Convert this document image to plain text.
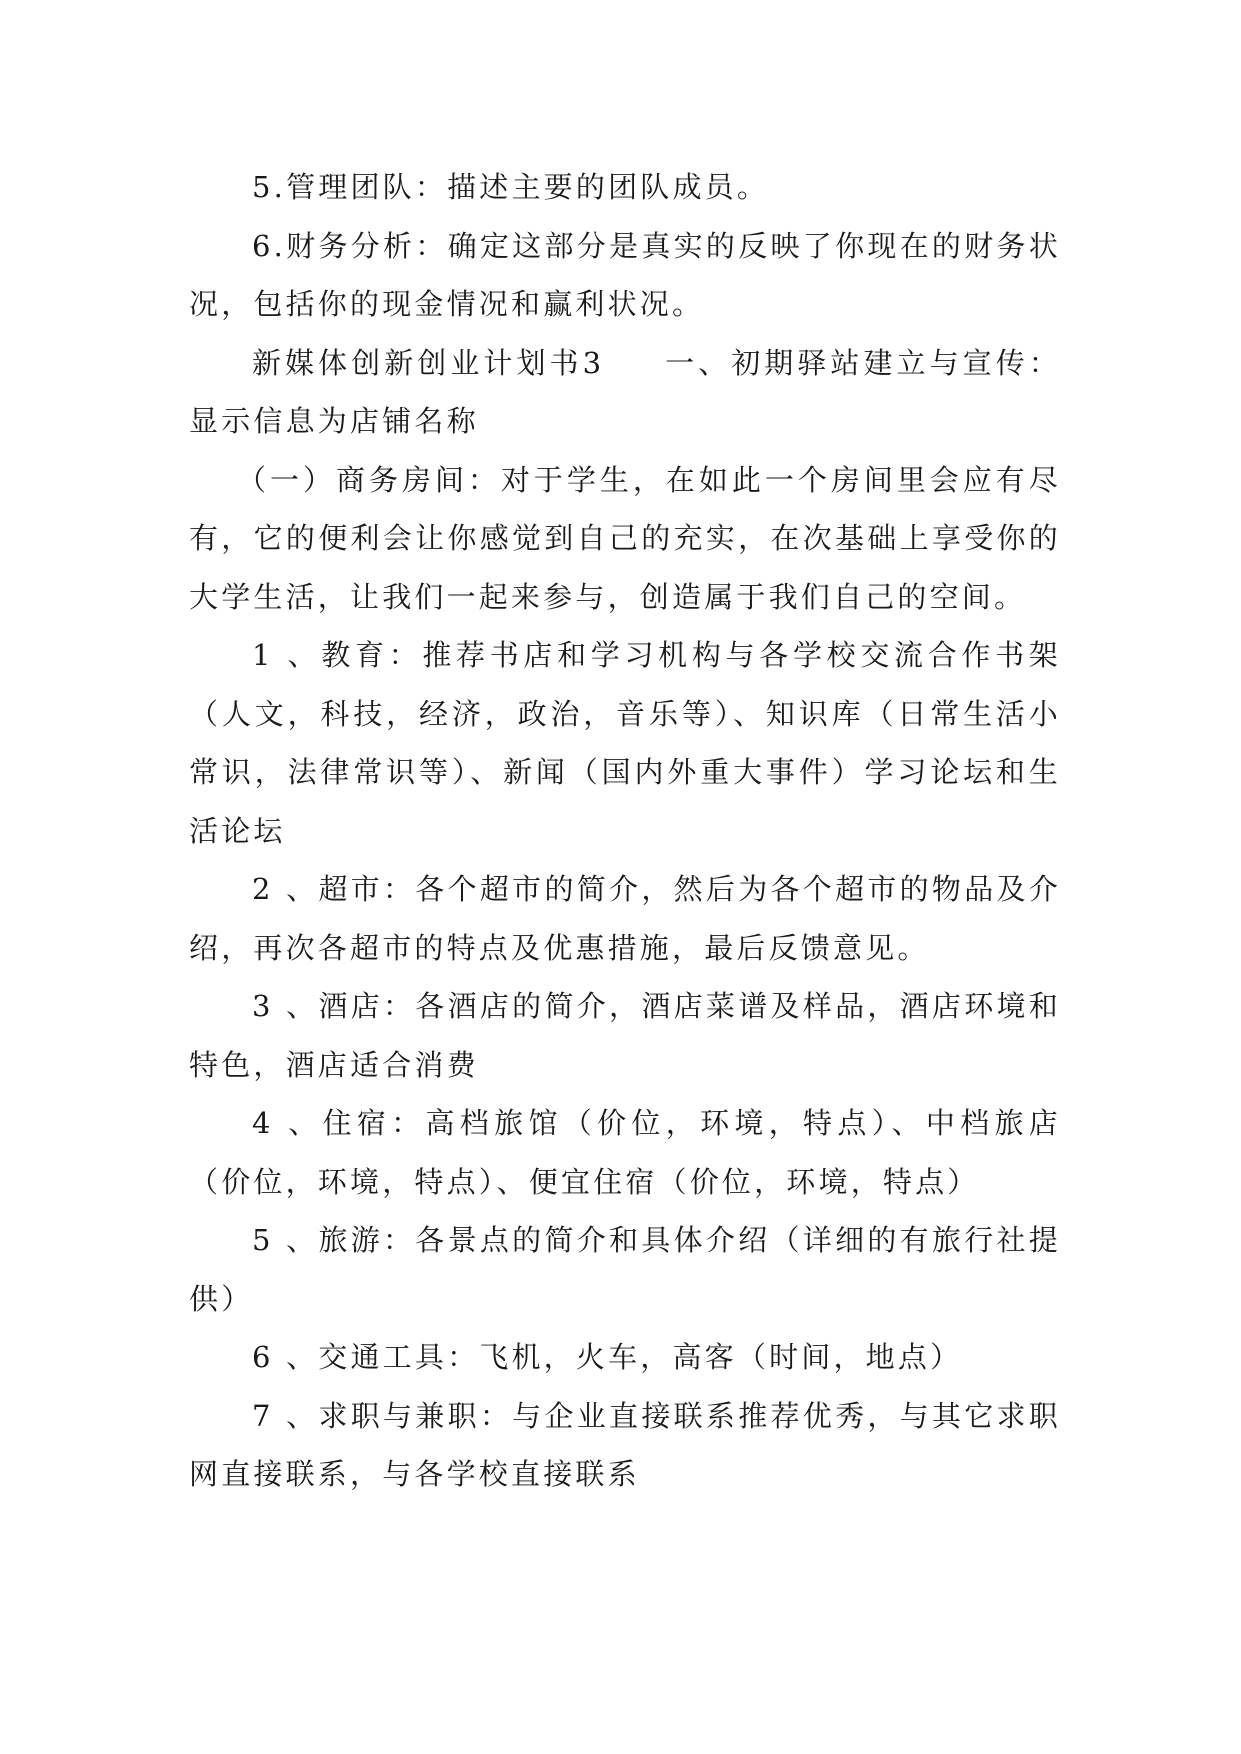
5.管理团队：描述主要的团队成员。

6.财务分析：确定这部分是真实的反映了你现在的财务状况，包括你的现金情况和赢利状况。

新媒体创新创业计划书3 一、初期驿站建立与宣传：显示信息为店铺名称

（一）商务房间：对于学生，在如此一个房间里会应有尽有，它的便利会让你感觉到自己的充实，在次基础上享受你的大学生活，让我们一起来参与，创造属于我们自己的空间。

1 、教育：推荐书店和学习机构与各学校交流合作书架（人文，科技，经济，政治，音乐等）、知识库（日常生活小常识，法律常识等）、新闻（国内外重大事件）学习论坛和生活论坛

2 、超市：各个超市的简介，然后为各个超市的物品及介绍，再次各超市的特点及优惠措施，最后反馈意见。

3 、酒店：各酒店的简介，酒店菜谱及样品，酒店环境和特色，酒店适合消费

4 、住宿：高档旅馆（价位，环境，特点）、中档旅店（价位，环境，特点）、便宜住宿（价位，环境，特点）

5 、旅游：各景点的简介和具体介绍（详细的有旅行社提供）

6 、交通工具：飞机，火车，高客（时间，地点）

7 、求职与兼职：与企业直接联系推荐优秀，与其它求职网直接联系，与各学校直接联系
